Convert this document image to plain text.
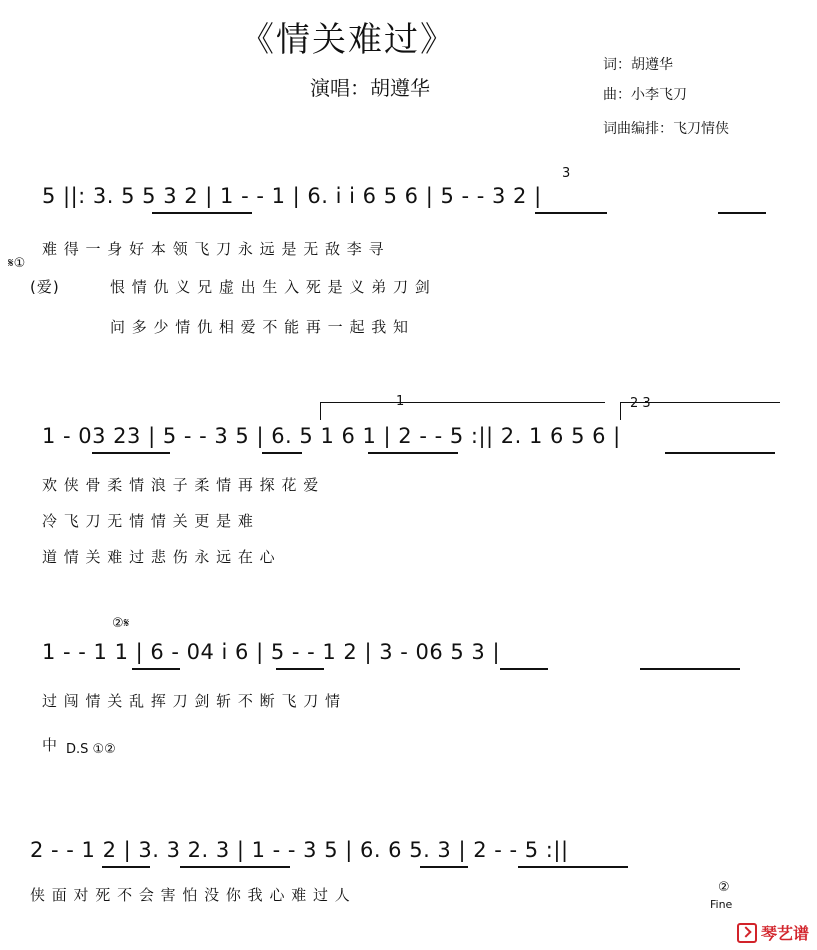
《情关难过》
演唱：胡遵华
词：胡遵华
曲：小李飞刀
词曲编排：飞刀情侠
3
5 ||: 3. 5 5 3 2 | 1 - - 1 | 6. i i 6 5 6 | 5 - - 3 2 |
难 得 一 身 好 本 领 飞 刀 永 远 是 无 敌 李 寻
𝄋①
(爱)	恨 情 仇 义 兄 虚 出 生 入 死 是 义 弟 刀 剑
问 多 少 情 仇 相 爱 不 能 再 一 起 我 知
1	2 3
1 - 03 23 | 5 - - 3 5 | 6. 5 1 6 1 | 2 - - 5 :|| 2. 1 6 5 6 |
欢 侠 骨 柔 情 浪 子 柔 情 再 探 花 爱
冷 飞 刀 无 情 情 关 更 是 难
道 情 关 难 过 悲 伤 永 远 在 心
②𝄋
1 - - 1 1 | 6 - 04 i 6 | 5 - - 1 2 | 3 - 06 5 3 |
过 闯 情 关 乱 挥 刀 剑 斩 不 断 飞 刀 情
中 D.S ①②
2 - - 1 2 | 3. 3 2. 3 | 1 - - 3 5 | 6. 6 5. 3 | 2 - - 5 :||
侠 面 对 死 不 会 害 怕 没 你 我 心 难 过 人	②
Fine
琴艺谱
